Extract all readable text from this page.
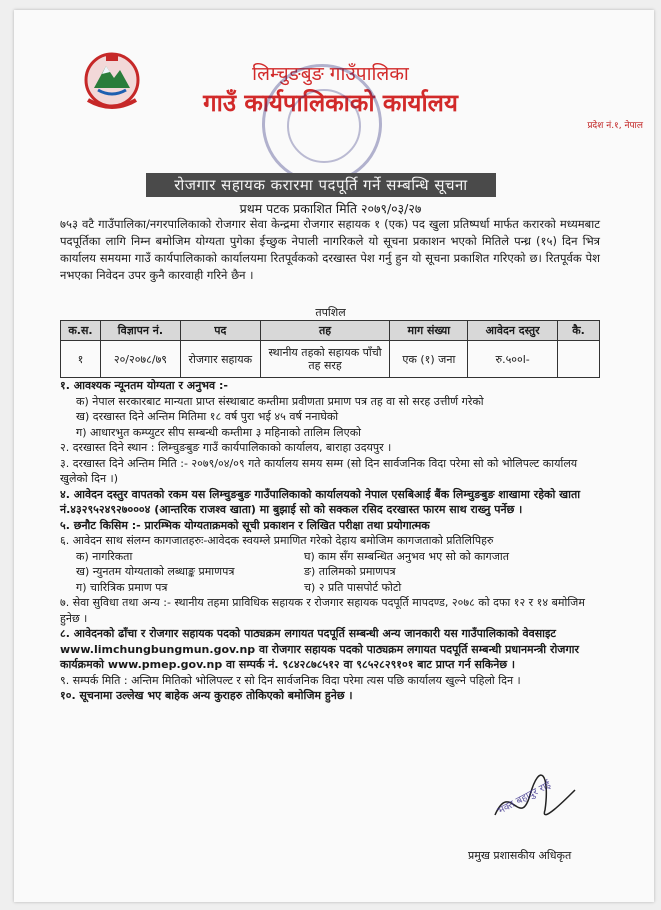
लिम्चुङबुङ गाउँपालिका
गाउँ कार्यपालिकाको कार्यालय
प्रदेश नं.१, नेपाल
रोजगार सहायक करारमा पदपूर्ति गर्ने सम्बन्धि सूचना
प्रथम पटक प्रकाशित मिति २०७९/०३/२७
७५३ वटै गाउँपालिका/नगरपालिकाको रोजगार सेवा केन्द्रमा रोजगार सहायक १ (एक) पद खुला प्रतिष्पर्धा मार्फत करारको मध्यमबाट पदपूर्तिका लागि निम्न बमोजिम योग्यता पुगेका ईच्छुक नेपाली नागरिकले यो सूचना प्रकाशन भएको मितिले पन्ध्र (१५) दिन भित्र कार्यालय समयमा गाउँ कार्यपालिकाको कार्यालयमा रितपूर्वकको दरखास्त पेश गर्नु हुन यो सूचना प्रकाशित गरिएको छ। रितपूर्वक पेश नभएका निवेदन उपर कुनै कारवाही गरिने छैन ।
तपशिल
क.स.	विज्ञापन नं.	पद	तह	माग संख्या	आवेदन दस्तुर	कै.
१	२०/२०७८/७९	रोजगार सहायक	स्थानीय तहको सहायक पाँचौ तह सरह	एक (१) जना	रु.५००l-	

१. आवश्यक न्यूनतम योग्यता र अनुभव :-

क) नेपाल सरकारबाट मान्यता प्राप्त संस्थाबाट कम्तीमा प्रवीणता प्रमाण पत्र तह वा सो सरह उत्तीर्ण गरेको

ख) दरखास्त दिने अन्तिम मितिमा १८ वर्ष पुरा भई ४५ वर्ष ननाघेको

ग) आधारभुत कम्प्युटर सीप सम्बन्धी कम्तीमा ३ महिनाको तालिम लिएको

२. दरखास्त दिने स्थान : लिम्चुङबुङ गाउँ कार्यपालिकाको कार्यालय, बाराहा उदयपुर ।

३. दरखास्त दिने अन्तिम मिति :- २०७९/०४/०९ गते कार्यालय समय सम्म (सो दिन सार्वजनिक विदा परेमा सो को भोलिपल्ट कार्यालय खुलेको दिन ।)

४. आवेदन दस्तुर वापतको रकम यस लिम्चुङबुङ गाउँपालिकाको कार्यालयको नेपाल एसबिआई बैंक लिम्चुङबुङ शाखामा रहेको खाता नं.४३२९५२४९२७०००४ (आन्तरिक राजश्व खाता) मा बुझाई सो को सक्कल रसिद दरखास्त फारम साथ राख्नु पर्नेछ ।

५. छनौट किसिम :- प्रारम्भिक योग्यताक्रमको सूची प्रकाशन र लिखित परीक्षा तथा प्रयोगात्मक

६. आवेदन साथ संलग्न कागजातहरुः-आवेदक स्वयम्ले प्रमाणित गरेको देहाय बमोजिम कागजताको प्रतिलिपिहरु

क) नागरिकता	घ) काम सँग सम्बन्धित अनुभव भए सो को कागजात
ख) न्युनतम योग्यताको लब्धाङ्क प्रमाणपत्र	ङ) तालिमको प्रमाणपत्र
ग) चारित्रिक प्रमाण पत्र	च) २ प्रति पासपोर्ट फोटो

७. सेवा सुविधा तथा अन्य :- स्थानीय तहमा प्राविधिक सहायक र रोजगार सहायक पदपूर्ति मापदण्ड, २०७८ को दफा १२ र १४ बमोजिम हुनेछ ।

८. आवेदनको ढाँचा र रोजगार सहायक पदको पाठ्यक्रम लगायत पदपूर्ति सम्बन्धी अन्य जानकारी यस गाउँपालिकाको वेवसाइट www.limchungbungmun.gov.np वा रोजगार सहायक पदको पाठ्यक्रम लगायत पदपूर्ति सम्बन्धी प्रधानमन्त्री रोजगार कार्यक्रमको www.pmep.gov.np वा सम्पर्क नं. ९८४२८७८५१२ वा ९८५२८२९१०१ बाट प्राप्त गर्न सकिनेछ ।

९. सम्पर्क मिति : अन्तिम मितिको भोलिपल्ट र सो दिन सार्वजनिक विदा परेमा त्यस पछि कार्यालय खुल्ने पहिलो दिन ।

१०. सूचनामा उल्लेख भए बाहेक अन्य कुराहरु तोकिएको बमोजिम हुनेछ ।

भक्त बहादुर राई
प्रमुख प्रशासकीय अधिकृत
